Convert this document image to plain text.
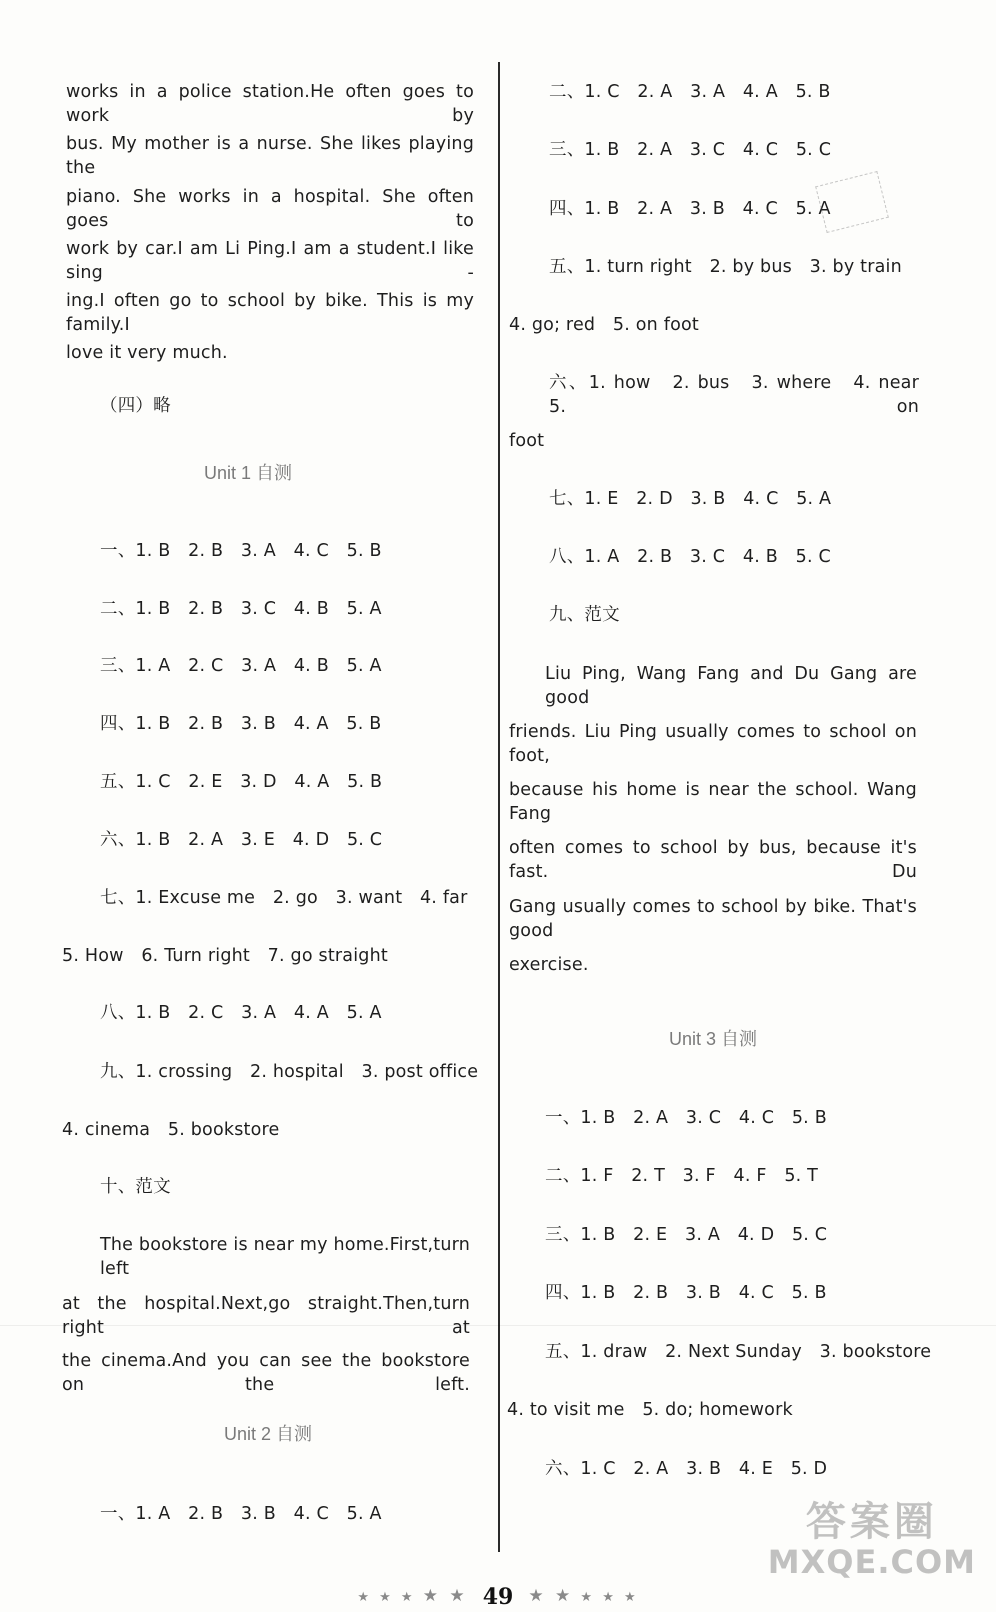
works in a police station.He often goes to work by
bus. My mother is a nurse. She likes playing the
piano. She works in a hospital. She often goes to
work by car.I am Li Ping.I am a student.I like sing -
ing.I often go to school by bike. This is my family.I
love it very much.
（四）略
Unit 1 自测
一、1. B　2. B　3. A　4. C　5. B
二、1. B　2. B　3. C　4. B　5. A
三、1. A　2. C　3. A　4. B　5. A
四、1. B　2. B　3. B　4. A　5. B
五、1. C　2. E　3. D　4. A　5. B
六、1. B　2. A　3. E　4. D　5. C
七、1. Excuse me　2. go　3. want　4. far
5. How　6. Turn right　7. go straight
八、1. B　2. C　3. A　4. A　5. A
九、1. crossing　2. hospital　3. post office
4. cinema　5. bookstore
十、范文
The bookstore is near my home.First,turn left
at the hospital.Next,go straight.Then,turn right at
the cinema.And you can see the bookstore on the left.
Unit 2 自测
一、1. A　2. B　3. B　4. C　5. A
二、1. C　2. A　3. A　4. A　5. B
三、1. B　2. A　3. C　4. C　5. C
四、1. B　2. A　3. B　4. C　5. A
五、1. turn right　2. by bus　3. by train
4. go; red　5. on foot
六、1. how　2. bus　3. where　4. near　5. on
foot
七、1. E　2. D　3. B　4. C　5. A
八、1. A　2. B　3. C　4. B　5. C
九、范文
Liu Ping, Wang Fang and Du Gang are good
friends. Liu Ping usually comes to school on foot,
because his home is near the school. Wang Fang
often comes to school by bus, because it's fast. Du
Gang usually comes to school by bike. That's good
exercise.
Unit 3 自测
一、1. B　2. A　3. C　4. C　5. B
二、1. F　2. T　3. F　4. F　5. T
三、1. B　2. E　3. A　4. D　5. C
四、1. B　2. B　3. B　4. C　5. B
五、1. draw　2. Next Sunday　3. bookstore
4. to visit me　5. do; homework
六、1. C　2. A　3. B　4. E　5. D
★ ★ ★ ★ ★ 49 ★ ★ ★ ★ ★
答案圈
MXQE.COM
